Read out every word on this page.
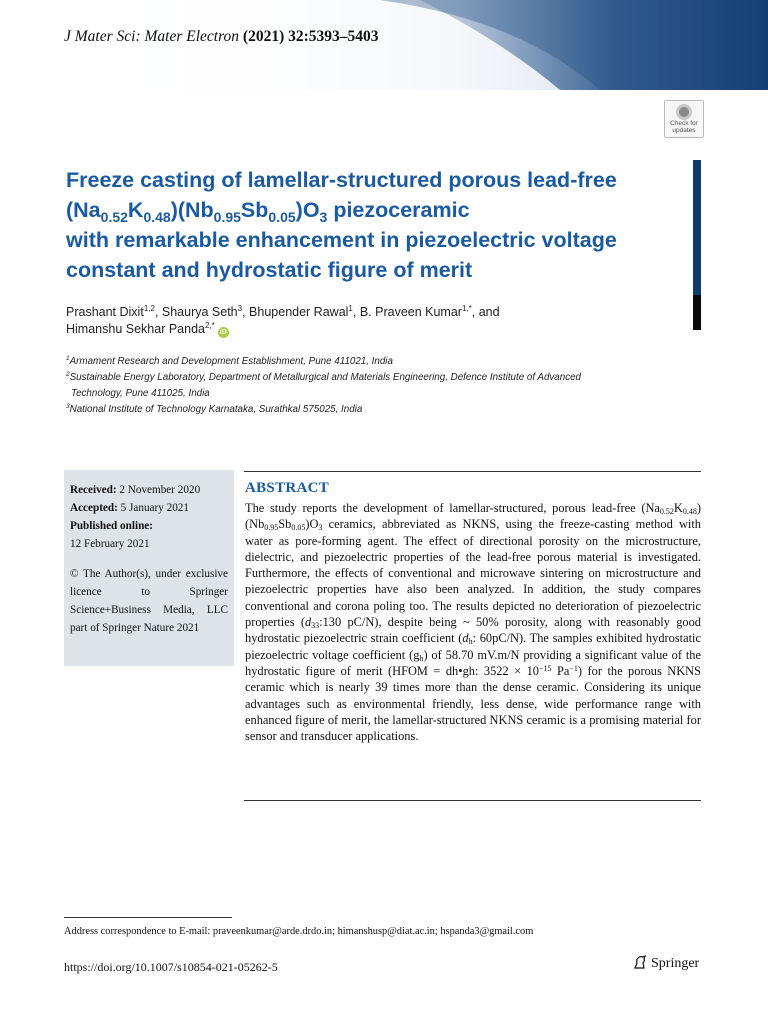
J Mater Sci: Mater Electron (2021) 32:5393–5403
Check for
updates
Freeze casting of lamellar-structured porous lead-free
$(Na_{0.52}K_{0.48})(Nb_{0.95}Sb_{0.05})O_3$ piezoceramic
with remarkable enhancement in piezoelectric voltage
constant and hydrostatic figure of merit
Prashant Dixit$^{1,2}$, Shaurya Seth$^3$, Bhupender Rawal$^1$, B. Praveen Kumar$^{1,*}$, and
Himanshu Sekhar Panda$^{2,*}$iD
$^1$Armament Research and Development Establishment, Pune 411021, India
$^2$Sustainable Energy Laboratory, Department of Metallurgical and Materials Engineering, Defence Institute of Advanced
Technology, Pune 411025, India
$^3$National Institute of Technology Karnataka, Surathkal 575025, India
Received: 2 November 2020
Accepted: 5 January 2021
Published online:
12 February 2021
© The Author(s), under exclusive licence to Springer Science+Business Media, LLC part of Springer Nature 2021
ABSTRACT

The study reports the development of lamellar-structured, porous lead-free $(Na_{0.52}K_{0.48})(Nb_{0.95}Sb_{0.05})O_3$ ceramics, abbreviated as NKNS, using the freeze-casting method with water as pore-forming agent. The effect of directional porosity on the microstructure, dielectric, and piezoelectric properties of the lead-free porous material is investigated. Furthermore, the effects of conventional and microwave sintering on microstructure and piezoelectric properties have also been analyzed. In addition, the study compares conventional and corona poling too. The results depicted no deterioration of piezoelectric properties ($d_{33}:130$ pC/N), despite being ~ 50% porosity, along with reasonably good hydrostatic piezoelectric strain coefficient ($d_h$: 60pC/N). The samples exhibited hydrostatic piezoelectric voltage coefficient $(g_h)$ of 58.70 mV.m/N providing a significant value of the hydrostatic figure of merit (HFOM = dh•gh: $3522 \times 10^{-15}$ $Pa^{-1}$) for the porous NKNS ceramic which is nearly 39 times more than the dense ceramic. Considering its unique advantages such as environmental friendly, less dense, wide performance range with enhanced figure of merit, the lamellar-structured NKNS ceramic is a promising material for sensor and transducer applications.

Address correspondence to E-mail: praveenkumar@arde.drdo.in; himanshusp@diat.ac.in; hspanda3@gmail.com
https://doi.org/10.1007/s10854-021-05262-5	Springer
